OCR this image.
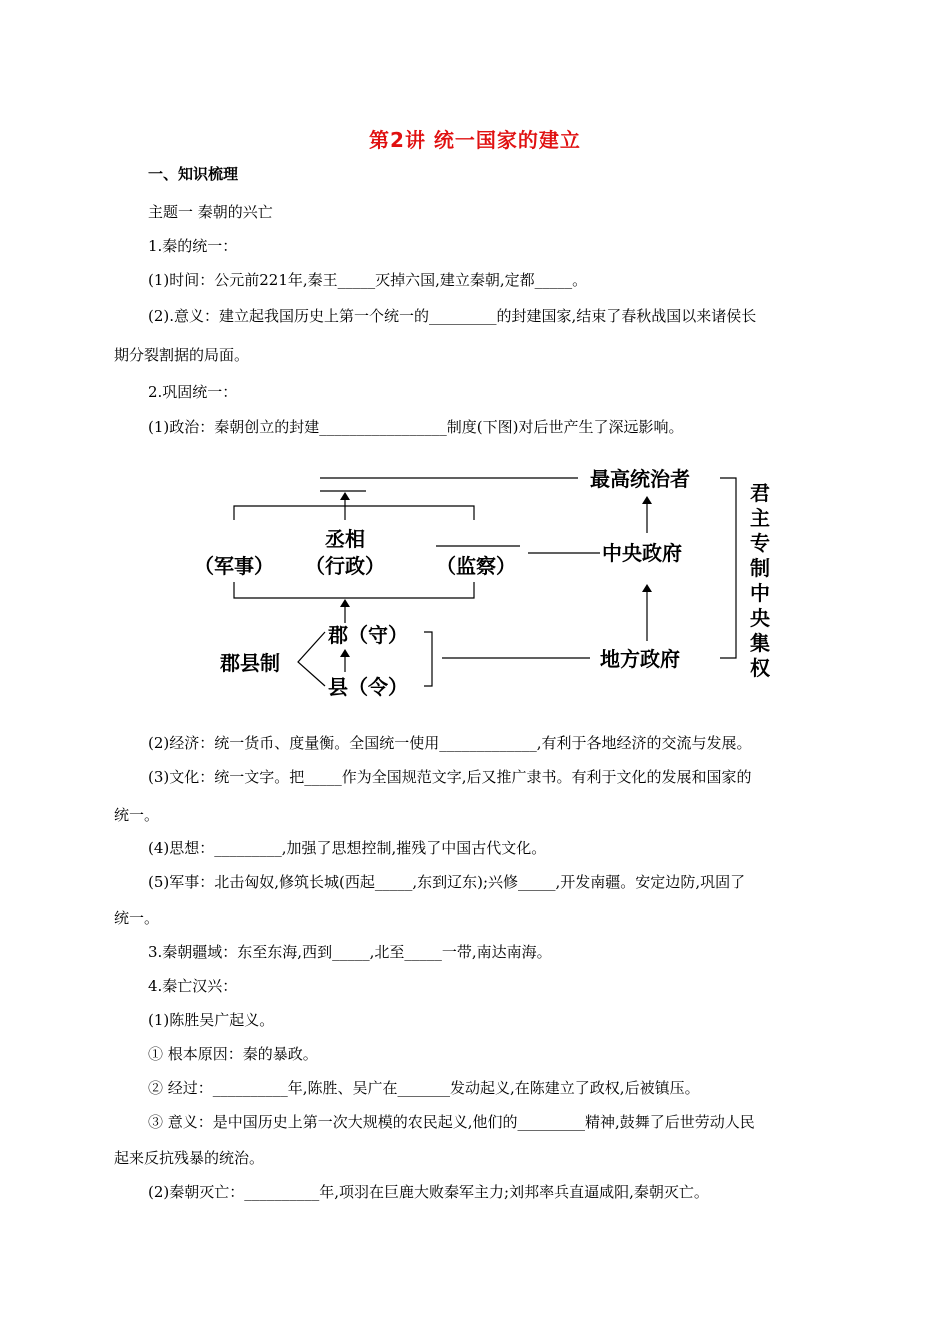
第2讲 统一国家的建立
一、知识梳理
主题一 秦朝的兴亡
1.秦的统一：
(1)时间：公元前221年,秦王_____灭掉六国,建立秦朝,定都_____。
(2).意义：建立起我国历史上第一个统一的_________的封建国家,结束了春秋战国以来诸侯长
期分裂割据的局面。
2.巩固统一：
(1)政治：秦朝创立的封建_________________制度(下图)对后世产生了深远影响。
最高统治者
丞相
（行政）
（军事）	（监察）
中央政府
郡（守）
县（令）
郡县制	地方政府
君
主
专
制
中
央
集
权
(2)经济：统一货币、度量衡。全国统一使用_____________,有利于各地经济的交流与发展。
(3)文化：统一文字。把_____作为全国规范文字,后又推广隶书。有利于文化的发展和国家的
统一。
(4)思想：_________,加强了思想控制,摧残了中国古代文化。
(5)军事：北击匈奴,修筑长城(西起_____,东到辽东);兴修_____,开发南疆。安定边防,巩固了
统一。
3.秦朝疆域：东至东海,西到_____,北至_____一带,南达南海。
4.秦亡汉兴：
(1)陈胜吴广起义。
① 根本原因：秦的暴政。
② 经过：__________年,陈胜、吴广在_______发动起义,在陈建立了政权,后被镇压。
③ 意义：是中国历史上第一次大规模的农民起义,他们的_________精神,鼓舞了后世劳动人民
起来反抗残暴的统治。
(2)秦朝灭亡：__________年,项羽在巨鹿大败秦军主力;刘邦率兵直逼咸阳,秦朝灭亡。
